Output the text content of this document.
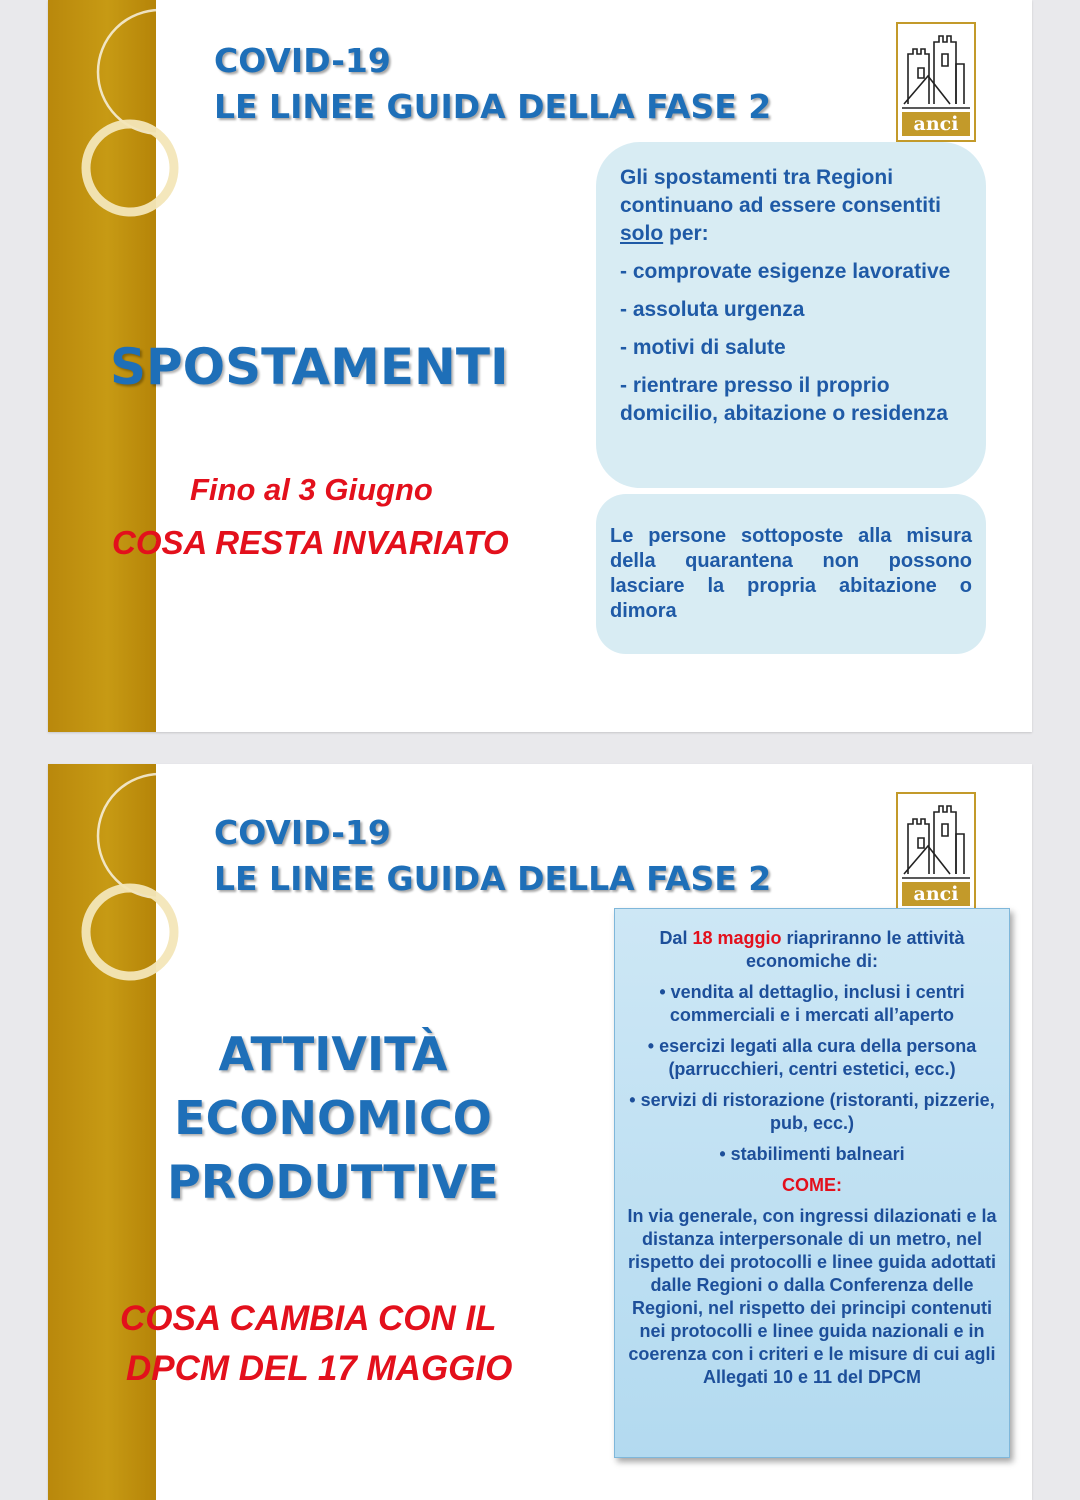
COVID-19
LE LINEE GUIDA DELLA FASE 2	anci
SPOSTAMENTI
Fino al 3 Giugno
COSA RESTA INVARIATO

Gli spostamenti tra Regioni continuano ad essere consentiti solo per:

- comprovate esigenze lavorative

- assoluta urgenza

- motivi di salute

- rientrare presso il proprio domicilio, abitazione o residenza

Le persone sottoposte alla misura della quarantena non possono lasciare la propria abitazione o dimora

COVID-19
LE LINEE GUIDA DELLA FASE 2	anci
ATTIVITÀ
ECONOMICO
PRODUTTIVE
COSA CAMBIA CON IL
DPCM DEL 17 MAGGIO

Dal 18 maggio riapriranno le attività economiche di:

• vendita al dettaglio, inclusi i centri commerciali e i mercati all’aperto

• esercizi legati alla cura della persona (parrucchieri, centri estetici, ecc.)

• servizi di ristorazione (ristoranti, pizzerie, pub, ecc.)

• stabilimenti balneari

COME:

In via generale, con ingressi dilazionati e la distanza interpersonale di un metro, nel rispetto dei protocolli e linee guida adottati dalle Regioni o dalla Conferenza delle Regioni, nel rispetto dei principi contenuti nei protocolli e linee guida nazionali e in coerenza con i criteri e le misure di cui agli Allegati 10 e 11 del DPCM
